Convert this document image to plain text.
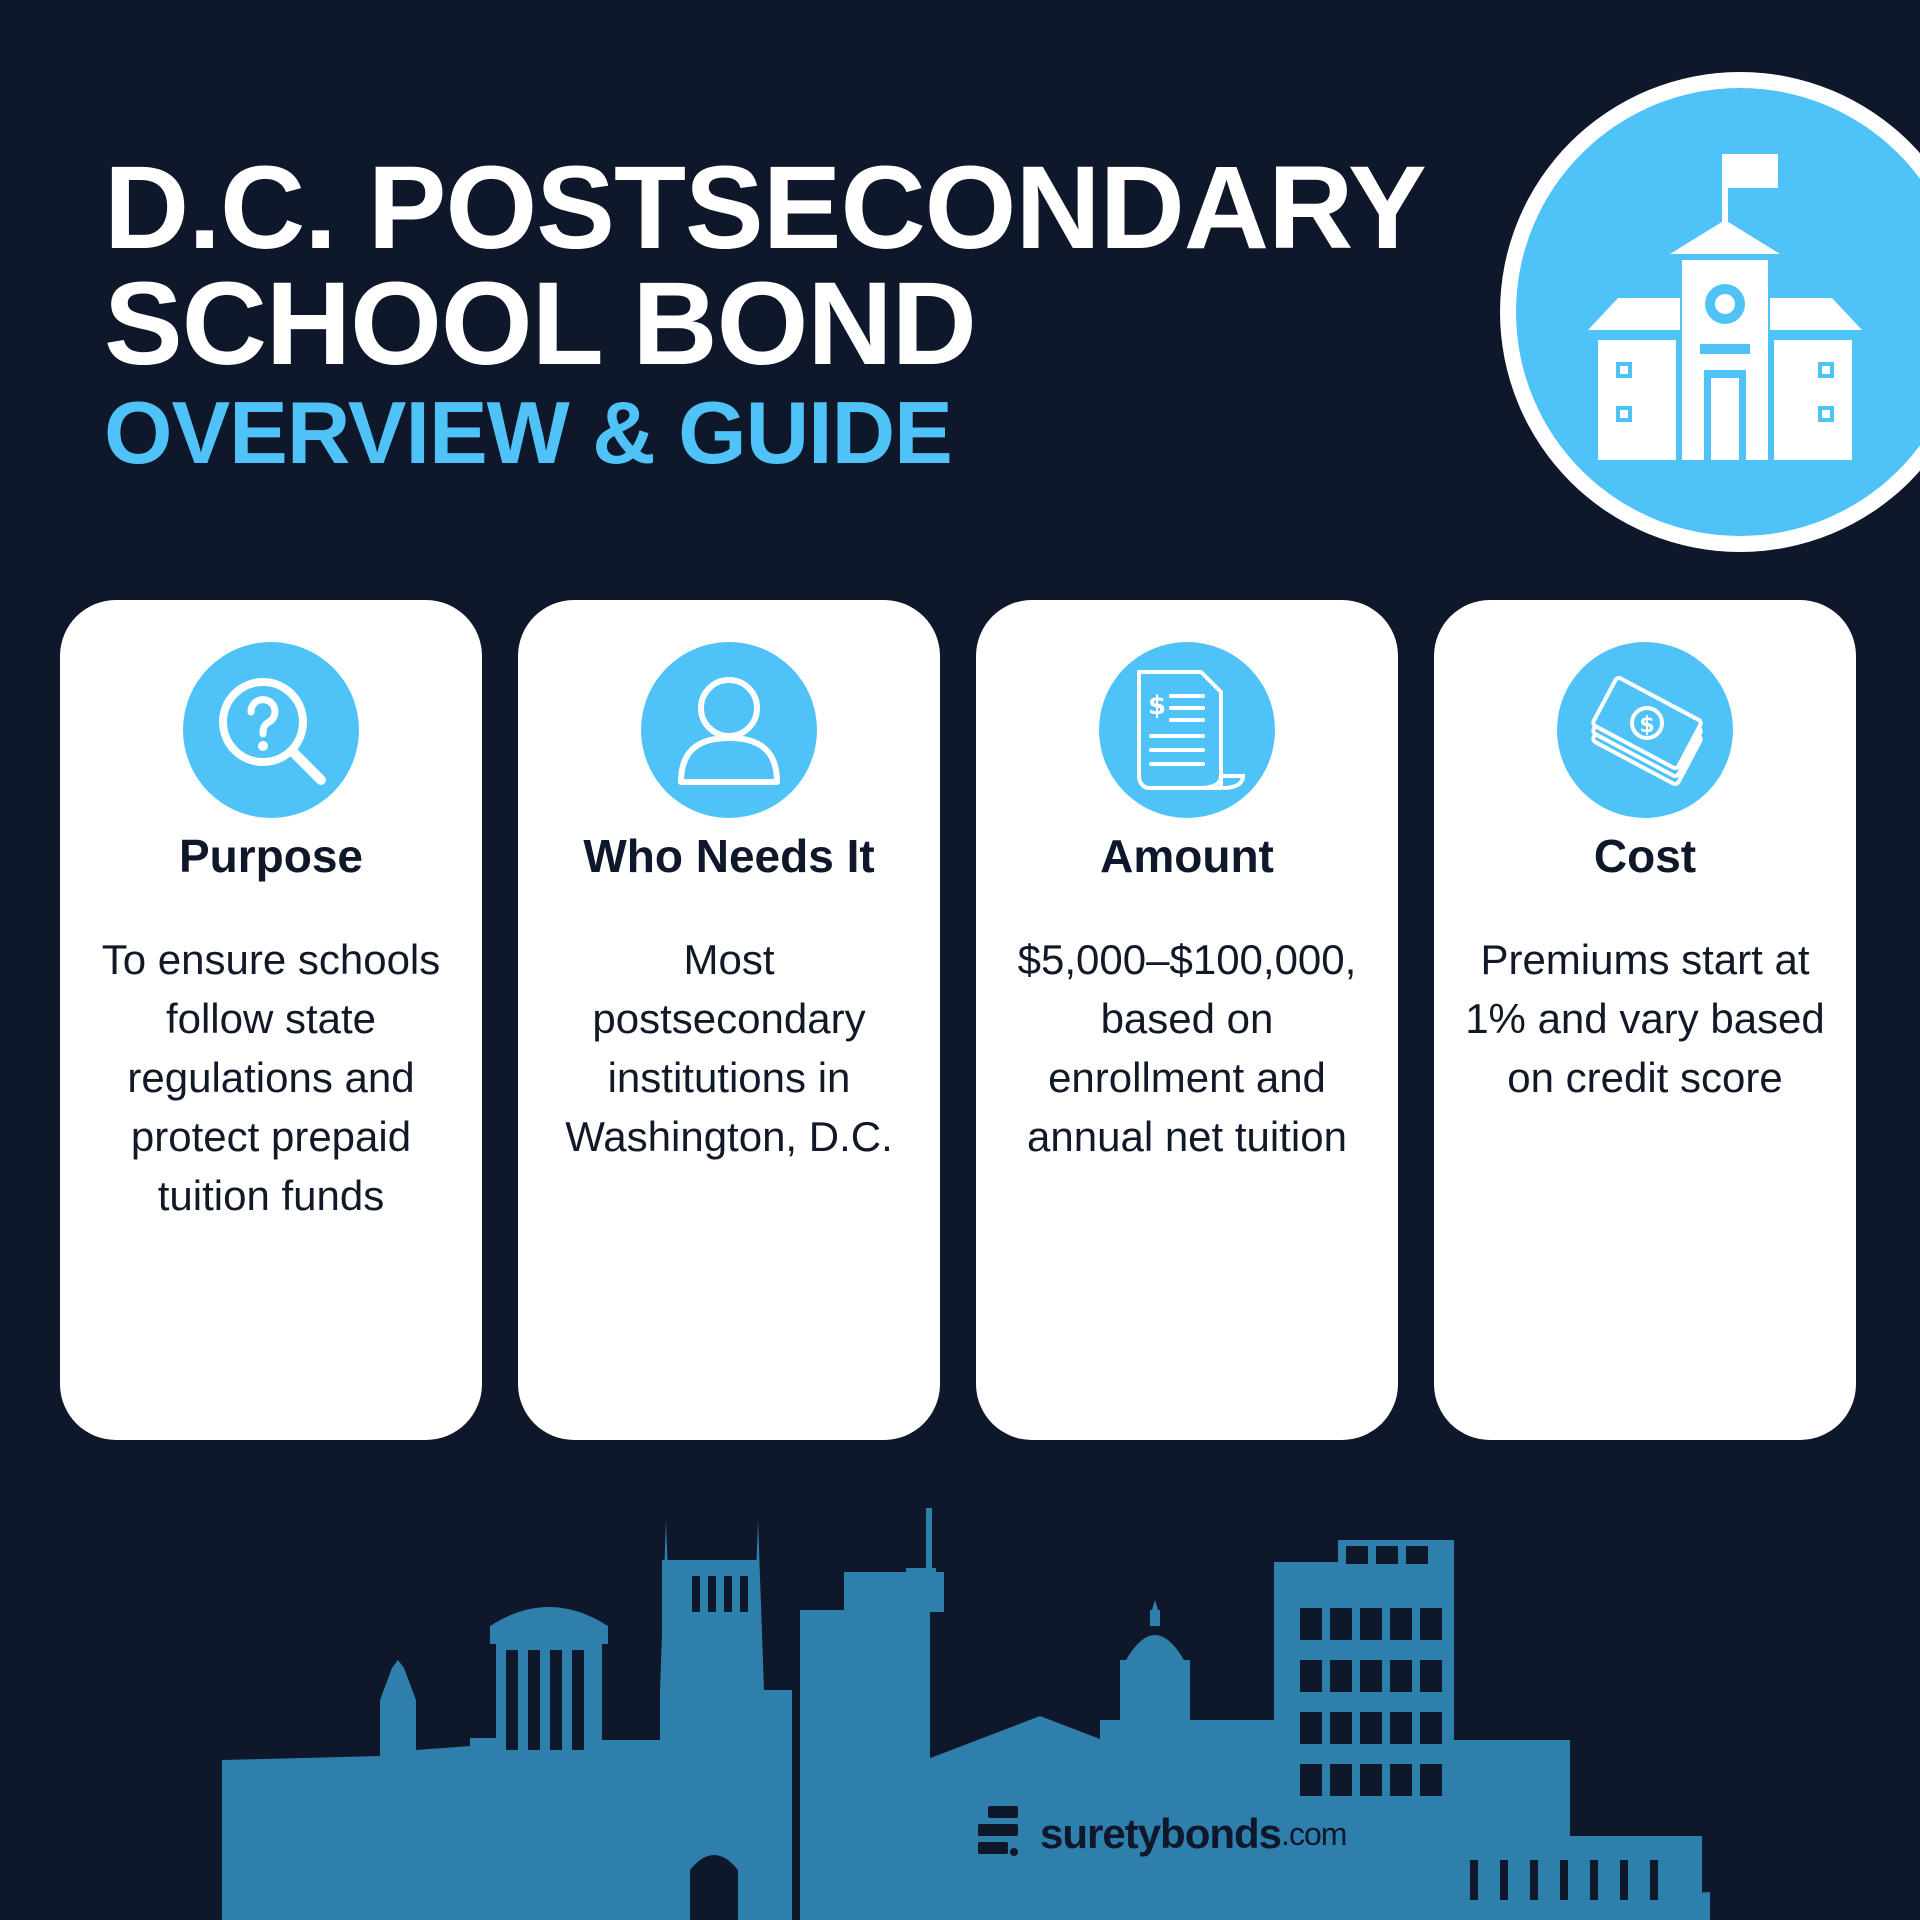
D.C. POSTSECONDARY
SCHOOL BOND
OVERVIEW & GUIDE
Purpose
To ensure schools
follow state
regulations and
protect prepaid
tuition funds
Who Needs It
Most
postsecondary
institutions in
Washington, D.C.
$
Amount
$5,000–$100,000,
based on
enrollment and
annual net tuition
$
Cost
Premiums start at
1% and vary based
on credit score
suretybonds .com
